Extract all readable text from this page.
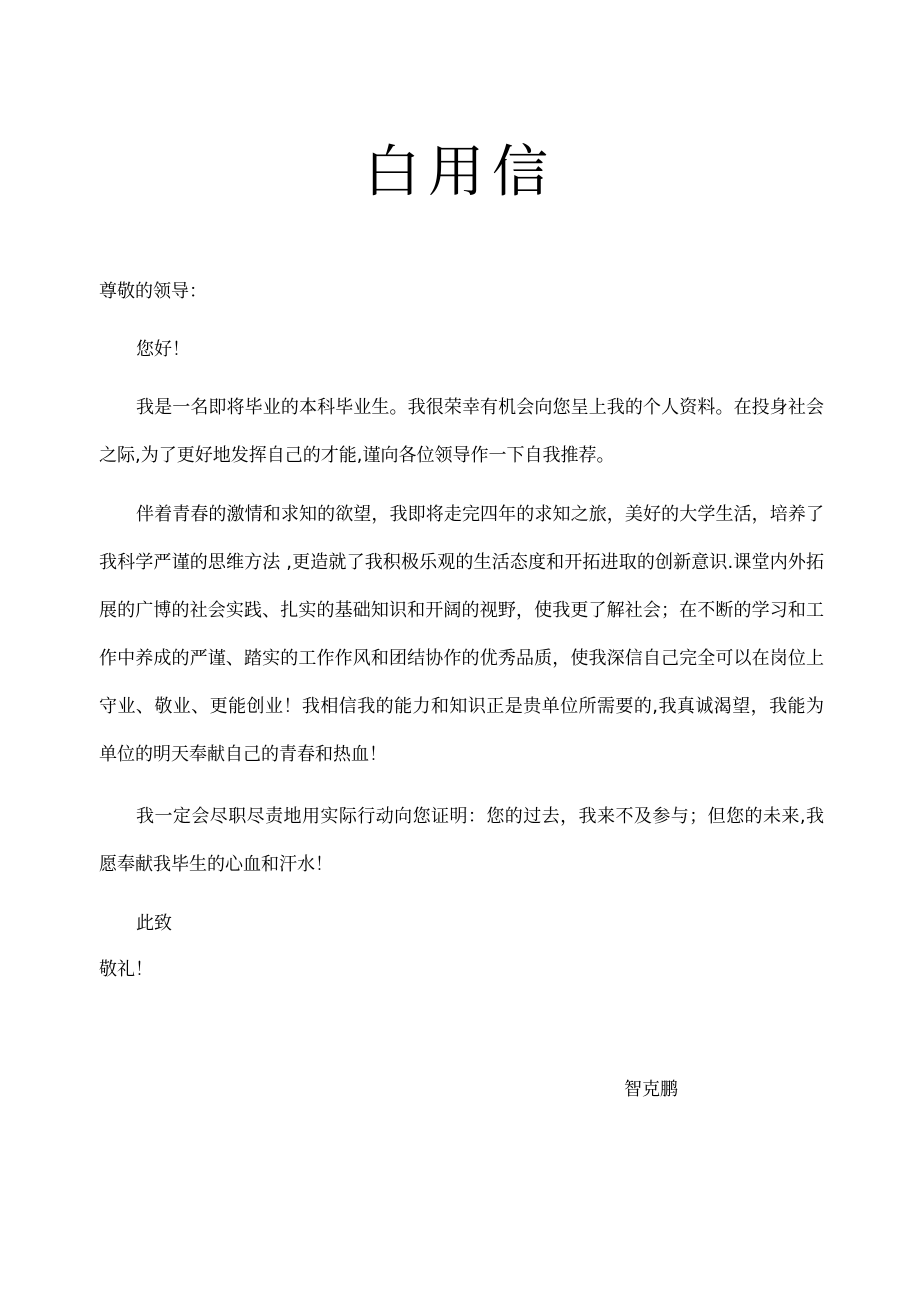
白用信
尊敬的领导：
您好！
我是一名即将毕业的本科毕业生。我很荣幸有机会向您呈上我的个人资料。在投身社会之际,为了更好地发挥自己的才能,谨向各位领导作一下自我推荐。
伴着青春的激情和求知的欲望，我即将走完四年的求知之旅，美好的大学生活，培养了我科学严谨的思维方法 ,更造就了我积极乐观的生活态度和开拓进取的创新意识.课堂内外拓展的广博的社会实践、扎实的基础知识和开阔的视野，使我更了解社会；在不断的学习和工作中养成的严谨、踏实的工作作风和团结协作的优秀品质，使我深信自己完全可以在岗位上守业、敬业、更能创业！我相信我的能力和知识正是贵单位所需要的,我真诚渴望，我能为单位的明天奉献自己的青春和热血！
我一定会尽职尽责地用实际行动向您证明：您的过去，我来不及参与；但您的未来,我愿奉献我毕生的心血和汗水！
此致
敬礼！
智克鹏
